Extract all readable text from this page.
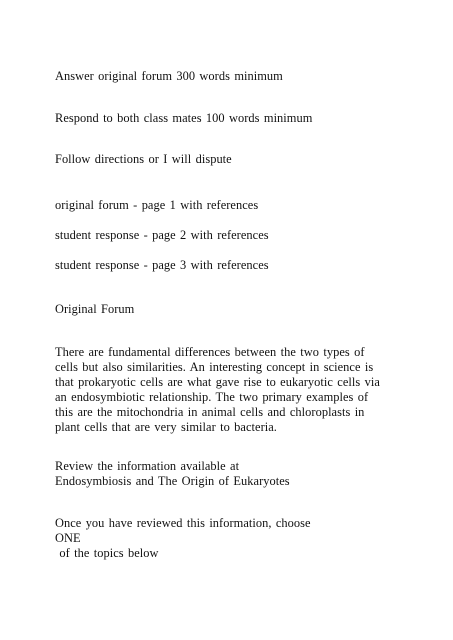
Answer original forum 300 words minimum
Respond to both class mates 100 words minimum
Follow directions or I will dispute
original forum - page 1 with references
student response - page 2 with references
student response - page 3 with references
Original Forum
There are fundamental differences between the two types of
cells but also similarities. An interesting concept in science is
that prokaryotic cells are what gave rise to eukaryotic cells via
an endosymbiotic relationship. The two primary examples of
this are the mitochondria in animal cells and chloroplasts in
plant cells that are very similar to bacteria.
Review the information available at
Endosymbiosis and The Origin of Eukaryotes
Once you have reviewed this information, choose
ONE
of the topics below
